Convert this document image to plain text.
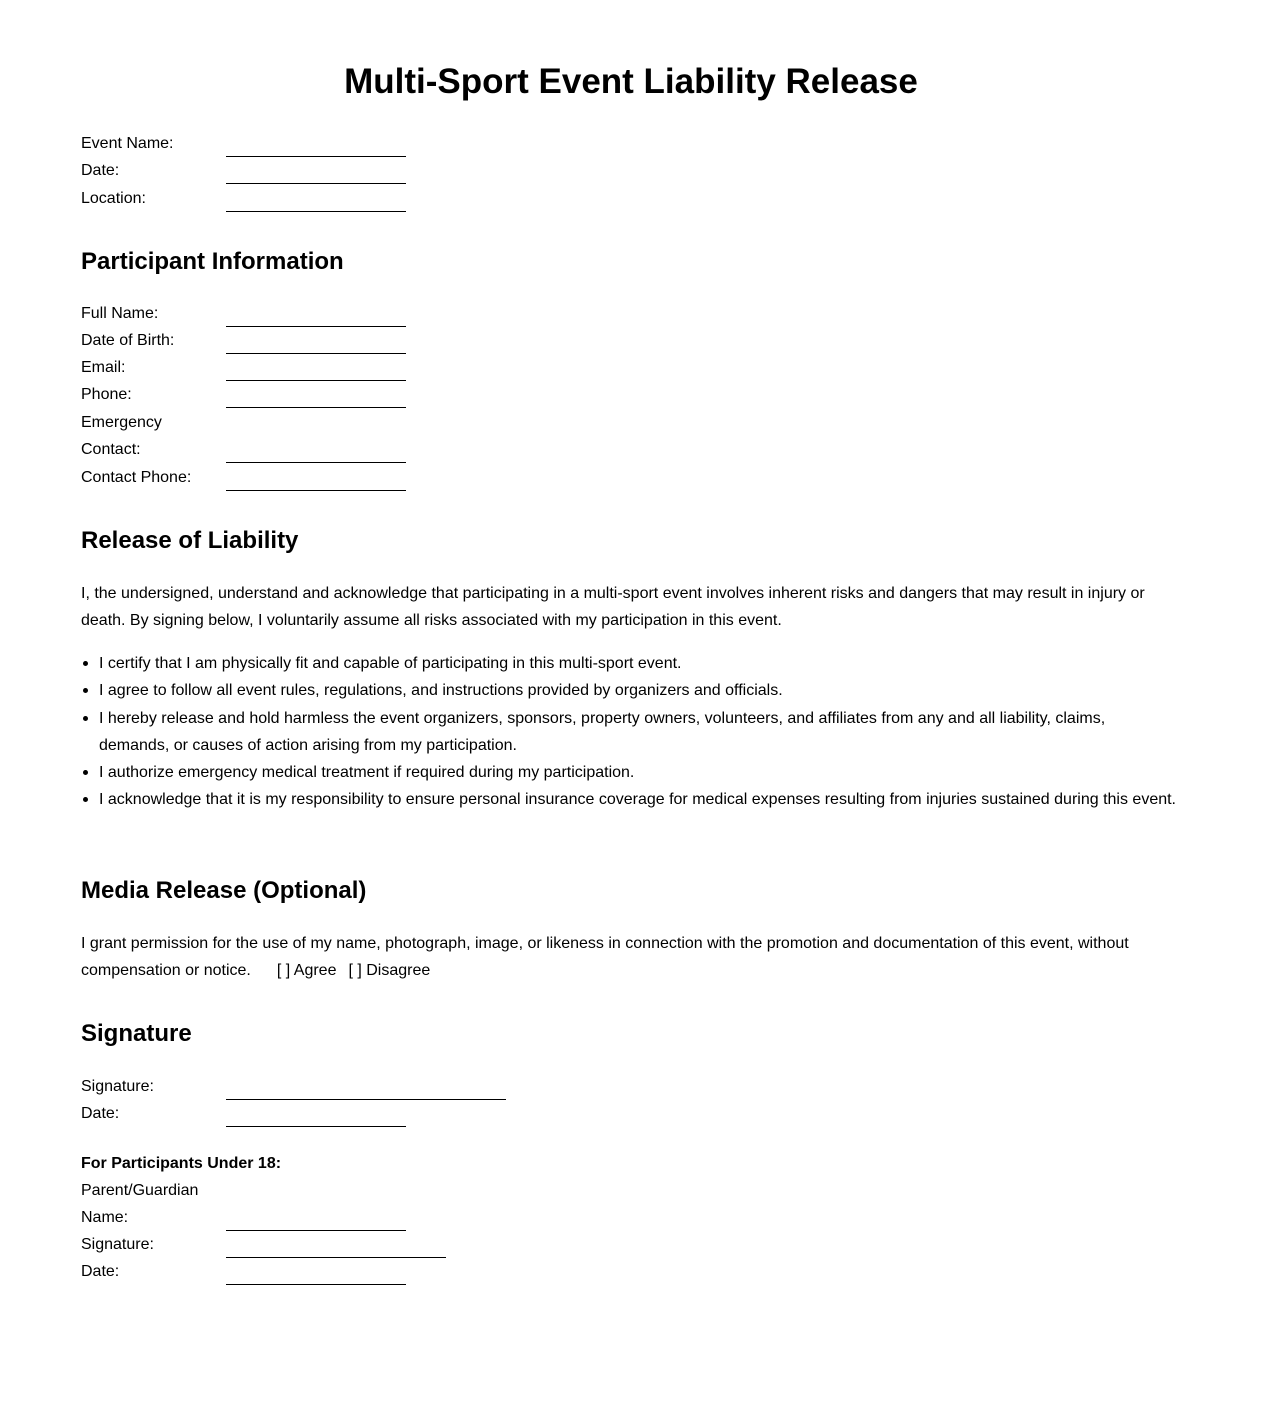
Multi-Sport Event Liability Release
Event Name:
Date:
Location:
Participant Information
Full Name:
Date of Birth:
Email:
Phone:
Emergency
Contact:
Contact Phone:
Release of Liability

I, the undersigned, understand and acknowledge that participating in a multi-sport event involves inherent risks and dangers that may result in injury or death. By signing below, I voluntarily assume all risks associated with my participation in this event.

I certify that I am physically fit and capable of participating in this multi-sport event.
I agree to follow all event rules, regulations, and instructions provided by organizers and officials.
I hereby release and hold harmless the event organizers, sponsors, property owners, volunteers, and affiliates from any and all liability, claims, demands, or causes of action arising from my participation.
I authorize emergency medical treatment if required during my participation.
I acknowledge that it is my responsibility to ensure personal insurance coverage for medical expenses resulting from injuries sustained during this event.
Media Release (Optional)

I grant permission for the use of my name, photograph, image, or likeness in connection with the promotion and documentation of this event, without compensation or notice. [ ] Agree [ ] Disagree

Signature
Signature:
Date:
For Participants Under 18:
Parent/Guardian
Name:
Signature:
Date:
